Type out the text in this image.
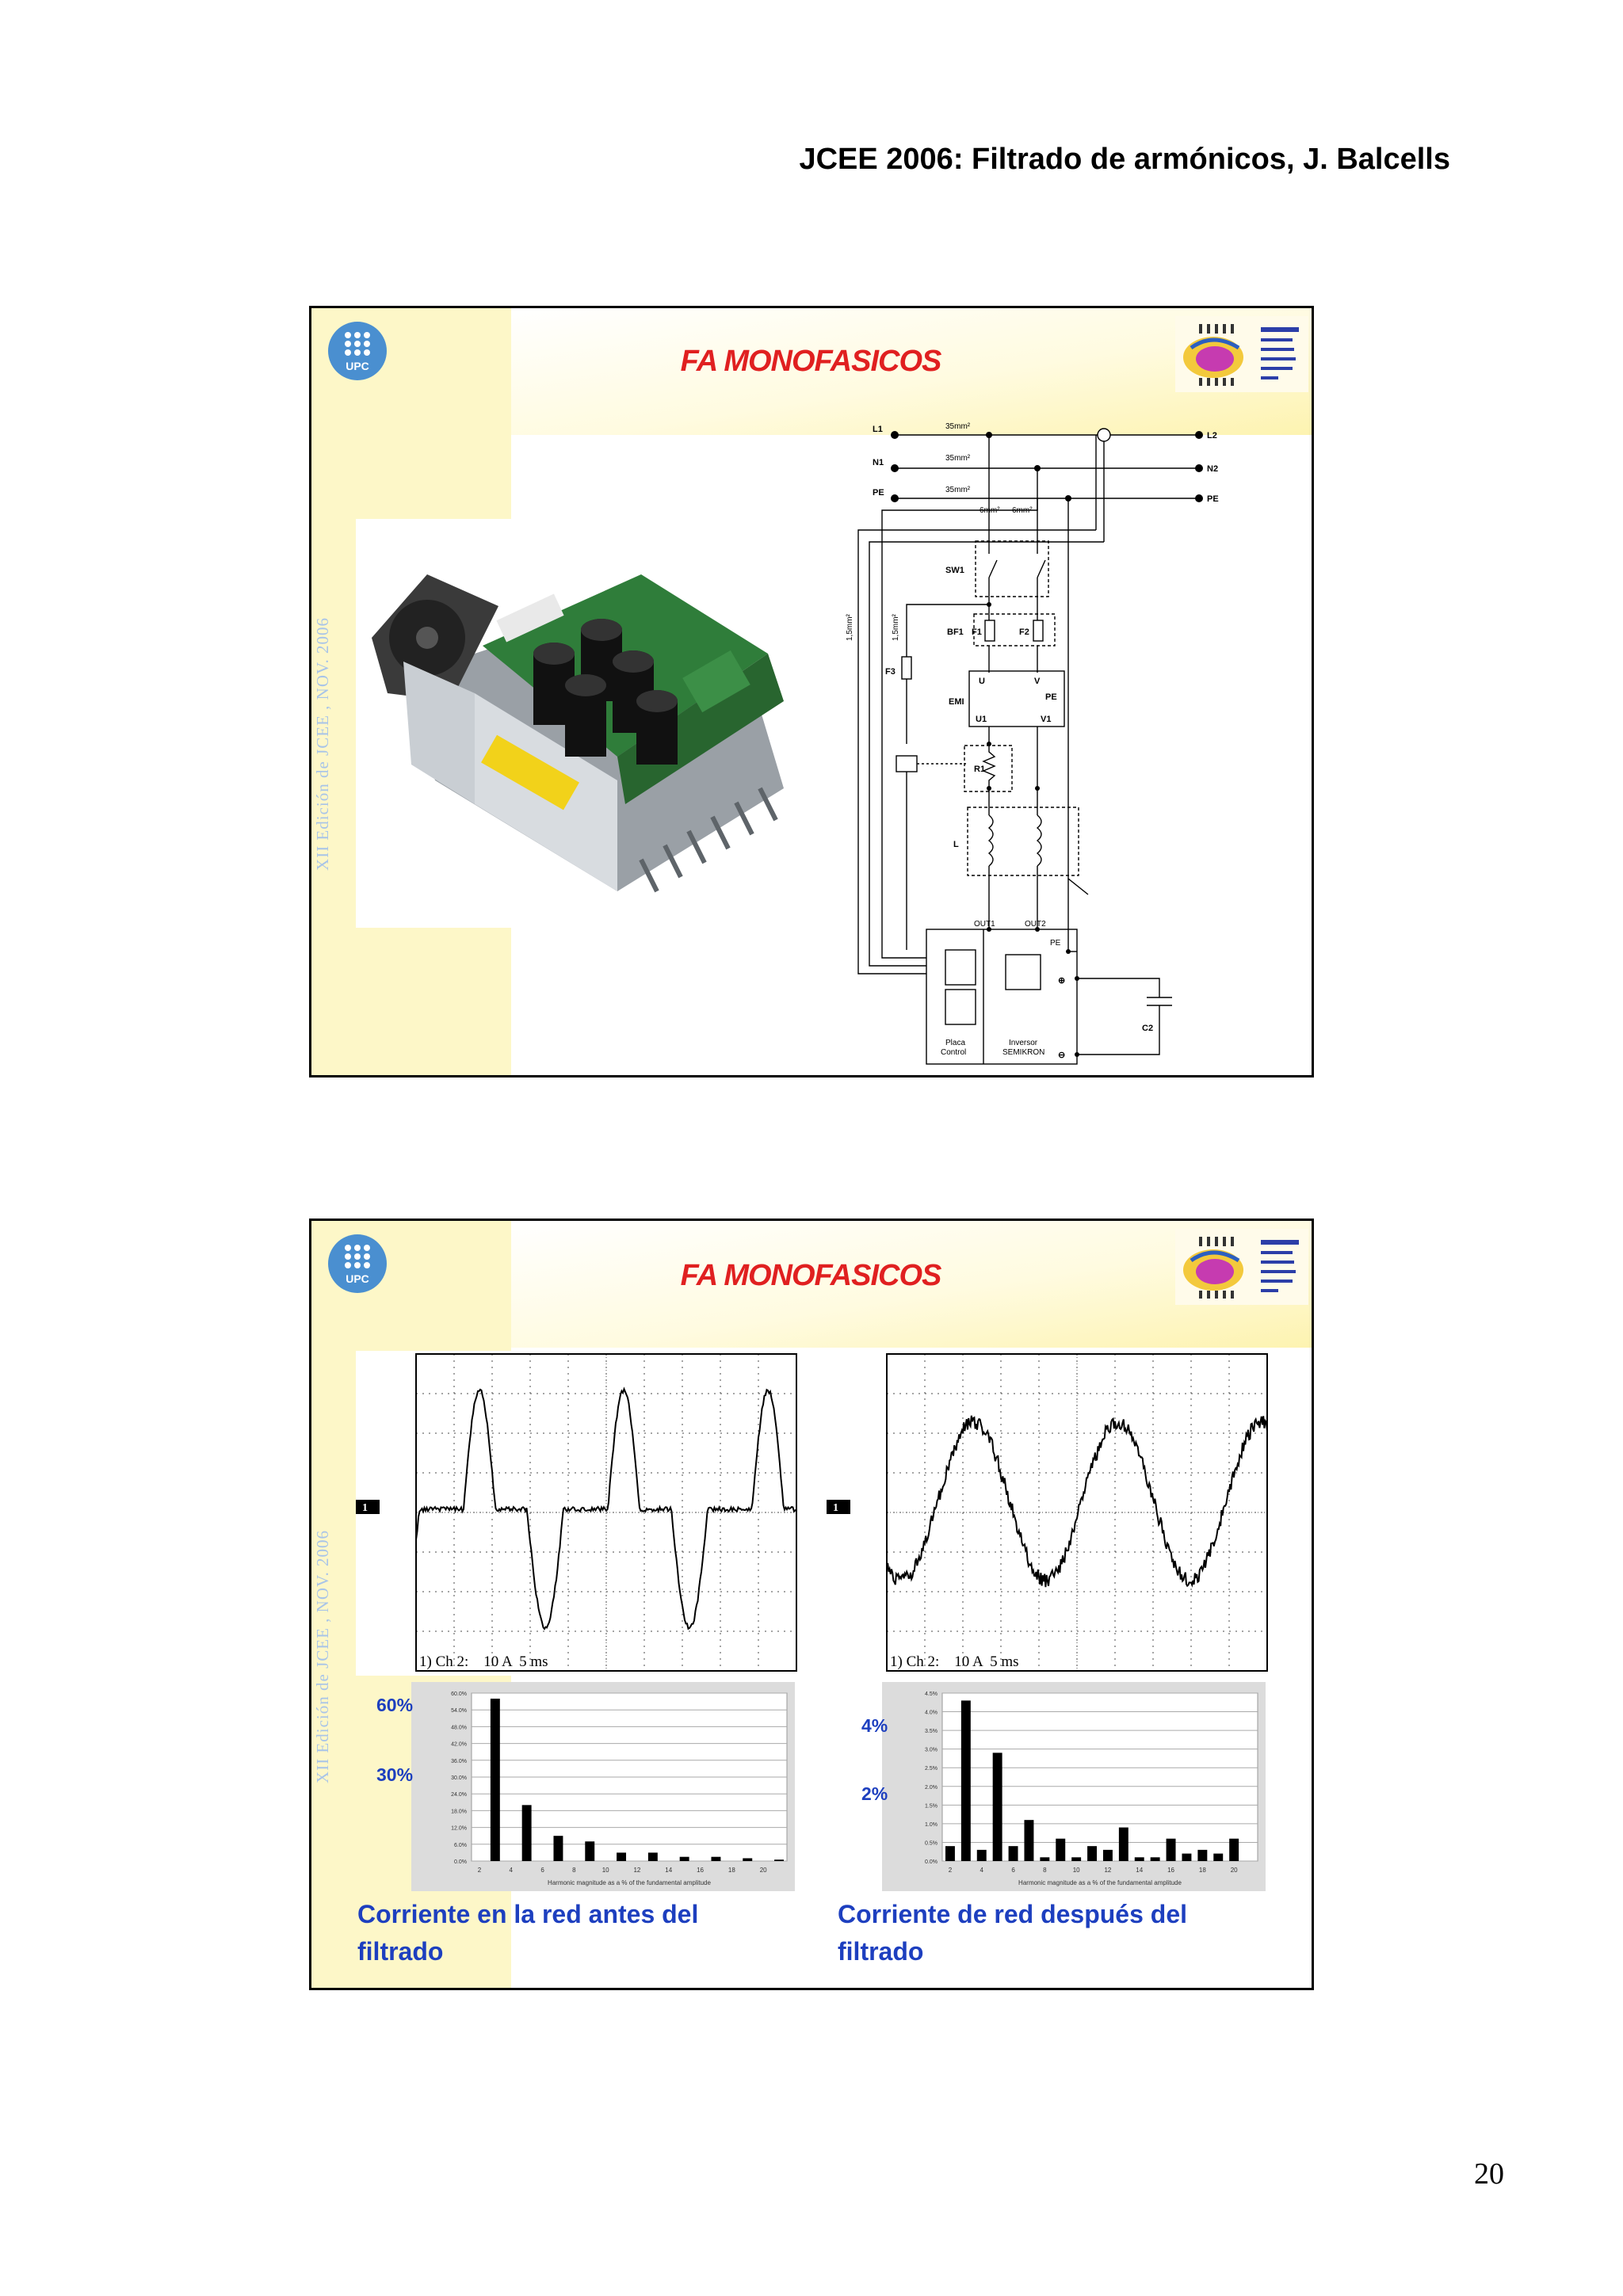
JCEE 2006: Filtrado de armónicos, J. Balcells
UPC	FA MONOFASICOS
XII Edición de JCEE , NOV. 2006
L1
N1
PE
L2
N2
PE
35mm²
35mm²
35mm²
6mm² 6mm²
SW1
BF1 F1	F2
F3
1,5mm²	1,5mm²
EMI
U	V
PE
U1	V1
R1
L
OUT1	OUT2
PE
C2
Placa
Control
Inversor
SEMIKRON
⊕
⊖
UPC	FA MONOFASICOS
XII Edición de JCEE , NOV. 2006
1
1) Ch 2:    10 A  5 ms
1
1) Ch 2:    10 A  5 ms
60.0%
54.0%
48.0%
42.0%
36.0%
30.0%
24.0%
18.0%
12.0%
6.0%
0.0%
2	4	6	8	10	12	14	16	18	20
Harmonic magnitude as a % of the fundamental amplitude
4.5%
4.0%
3.5%
3.0%
2.5%
2.0%
1.5%
1.0%
0.5%
0.0%
2	4	6	8	10	12	14	16	18	20
Harmonic magnitude as a % of the fundamental amplitude
60%
30%
4%
2%
Corriente en la red antes del
filtrado
Corriente de red después del
filtrado
20
